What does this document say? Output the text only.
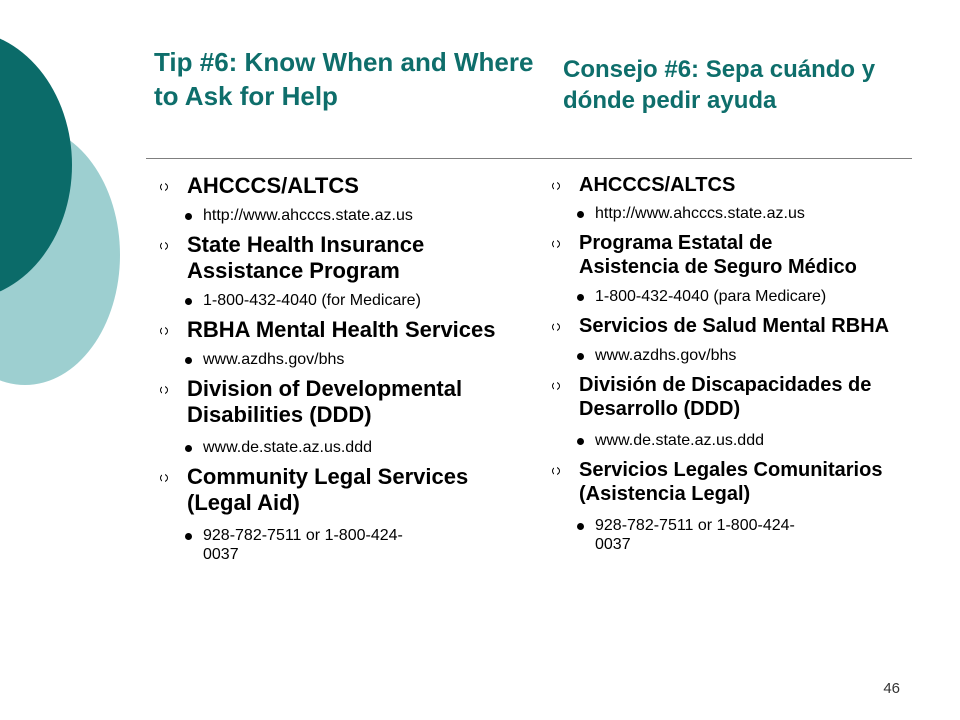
Tip #6: Know When and Where to Ask for Help
Consejo #6: Sepa cuándo y dónde pedir ayuda
AHCCCS/ALTCS
http://www.ahcccs.state.az.us
State Health Insurance Assistance Program
1-800-432-4040 (for Medicare)
RBHA Mental Health Services
www.azdhs.gov/bhs
Division of Developmental Disabilities (DDD)
www.de.state.az.us.ddd
Community Legal Services (Legal Aid)
928-782-7511 or 1-800-424-0037
AHCCCS/ALTCS
http://www.ahcccs.state.az.us
Programa Estatal de Asistencia de Seguro Médico
1-800-432-4040 (para Medicare)
Servicios de Salud Mental RBHA
www.azdhs.gov/bhs
División de Discapacidades de Desarrollo (DDD)
www.de.state.az.us.ddd
Servicios Legales Comunitarios (Asistencia Legal)
928-782-7511 or 1-800-424-0037
46
